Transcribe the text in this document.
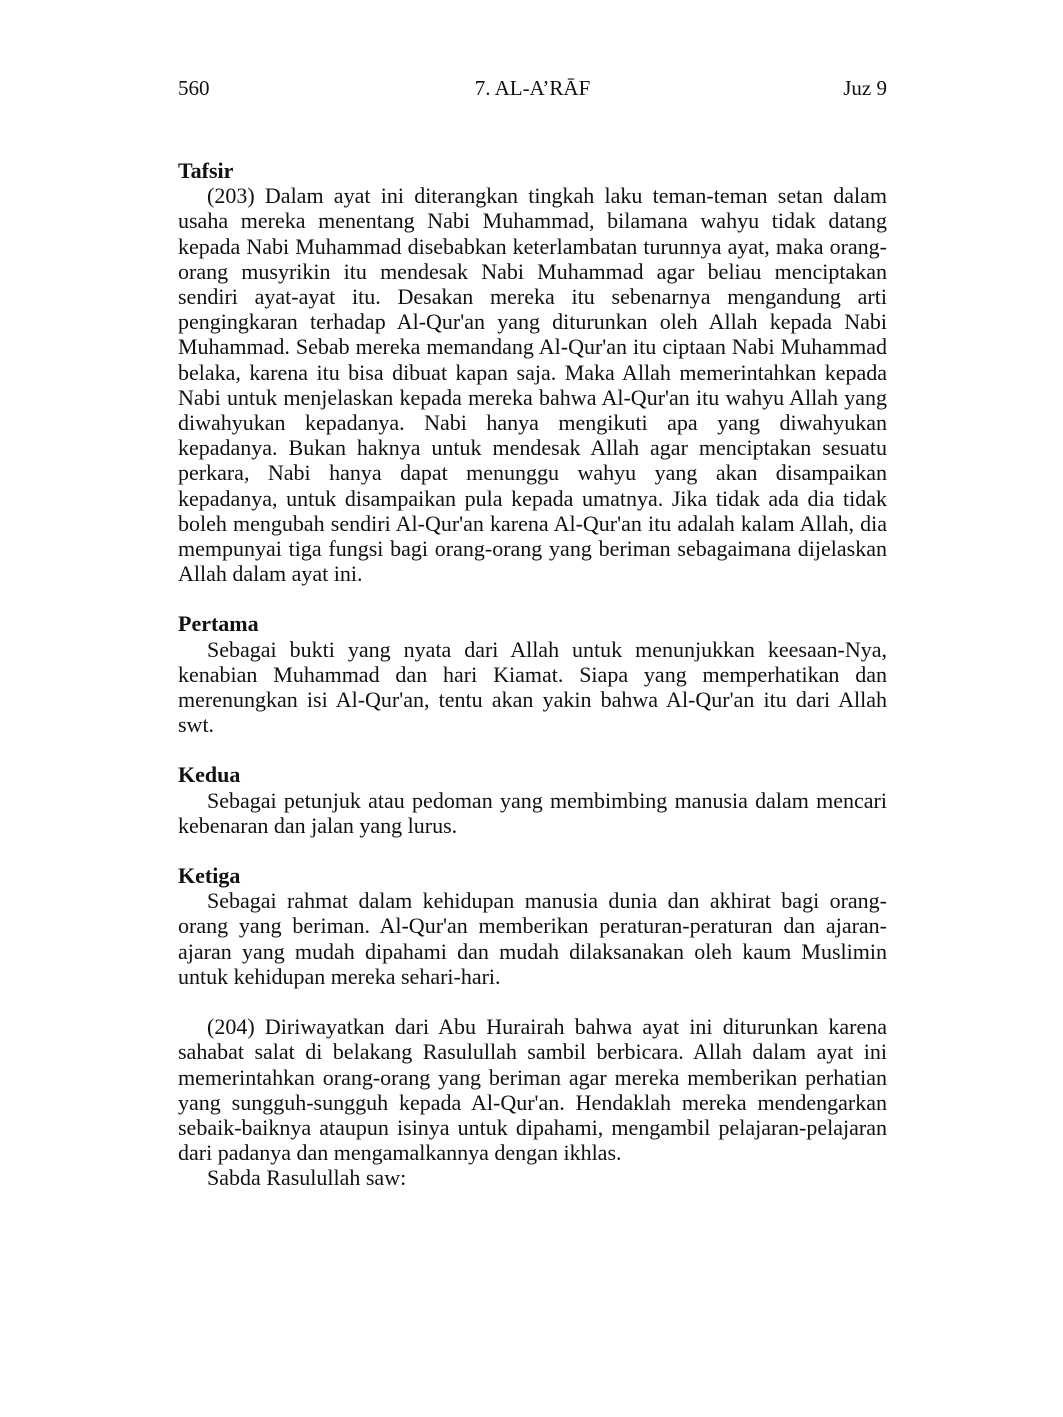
560	7. AL-A’RĀF	Juz 9

Tafsir

(203) Dalam ayat ini diterangkan tingkah laku teman-teman setan dalam usaha mereka menentang Nabi Muhammad, bilamana wahyu tidak datang kepada Nabi Muhammad disebabkan keterlambatan turunnya ayat, maka orang-orang musyrikin itu mendesak Nabi Muhammad agar beliau menciptakan sendiri ayat-ayat itu. Desakan mereka itu sebenarnya mengandung arti pengingkaran terhadap Al-Qur'an yang diturunkan oleh Allah kepada Nabi Muhammad. Sebab mereka memandang Al-Qur'an itu ciptaan Nabi Muhammad belaka, karena itu bisa dibuat kapan saja. Maka Allah memerintahkan kepada Nabi untuk menjelaskan kepada mereka bahwa Al-Qur'an itu wahyu Allah yang diwahyukan kepadanya. Nabi hanya mengikuti apa yang diwahyukan kepadanya. Bukan haknya untuk mendesak Allah agar menciptakan sesuatu perkara, Nabi hanya dapat menunggu wahyu yang akan disampaikan kepadanya, untuk disampaikan pula kepada umatnya. Jika tidak ada dia tidak boleh mengubah sendiri Al-Qur'an karena Al-Qur'an itu adalah kalam Allah, dia mempunyai tiga fungsi bagi orang-orang yang beriman sebagaimana dijelaskan Allah dalam ayat ini.

Pertama

Sebagai bukti yang nyata dari Allah untuk menunjukkan keesaan-Nya, kenabian Muhammad dan hari Kiamat. Siapa yang memperhatikan dan merenungkan isi Al-Qur'an, tentu akan yakin bahwa Al-Qur'an itu dari Allah swt.

Kedua

Sebagai petunjuk atau pedoman yang membimbing manusia dalam mencari kebenaran dan jalan yang lurus.

Ketiga

Sebagai rahmat dalam kehidupan manusia dunia dan akhirat bagi orang-orang yang beriman. Al-Qur'an memberikan peraturan-peraturan dan ajaran-ajaran yang mudah dipahami dan mudah dilaksanakan oleh kaum Muslimin untuk kehidupan mereka sehari-hari.

(204) Diriwayatkan dari Abu Hurairah bahwa ayat ini diturunkan karena sahabat salat di belakang Rasulullah sambil berbicara. Allah dalam ayat ini memerintahkan orang-orang yang beriman agar mereka memberikan perhatian yang sungguh-sungguh kepada Al-Qur'an. Hendaklah mereka mendengarkan sebaik-baiknya ataupun isinya untuk dipahami, mengambil pelajaran-pelajaran dari padanya dan mengamalkannya dengan ikhlas.

Sabda Rasulullah saw:
